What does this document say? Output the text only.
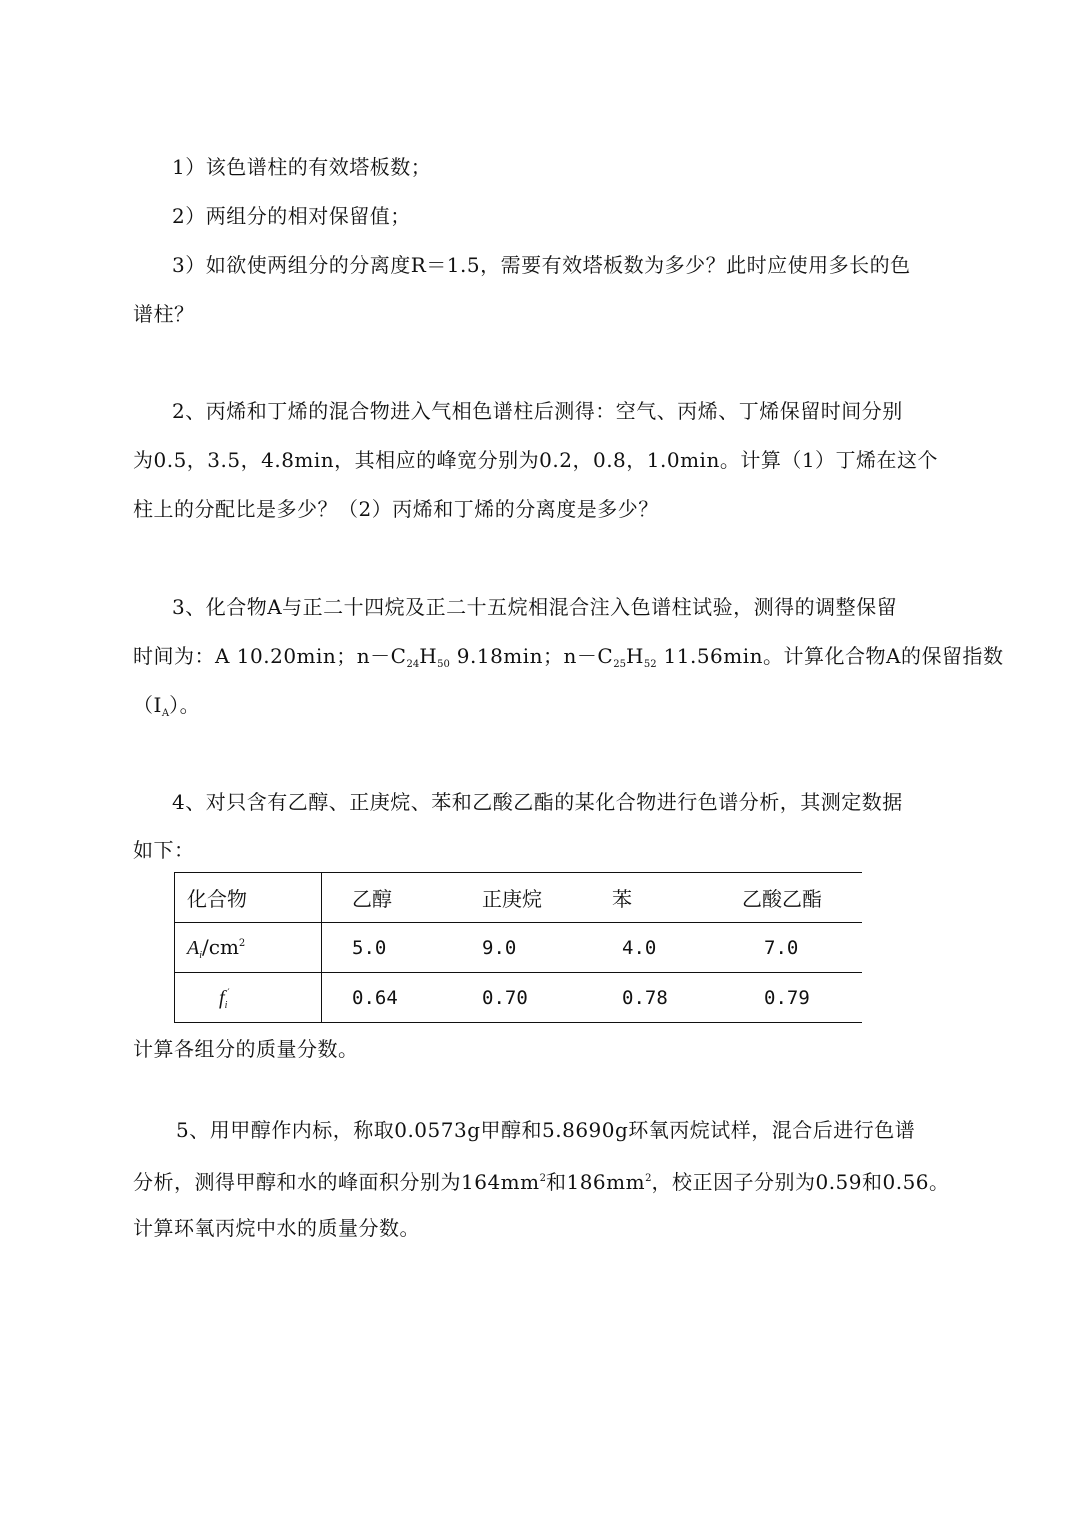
1）该色谱柱的有效塔板数；
2）两组分的相对保留值；
3）如欲使两组分的分离度R＝1.5，需要有效塔板数为多少？此时应使用多长的色
谱柱？
2、丙烯和丁烯的混合物进入气相色谱柱后测得：空气、丙烯、丁烯保留时间分别
为0.5，3.5，4.8min，其相应的峰宽分别为0.2，0.8，1.0min。计算（1）丁烯在这个
柱上的分配比是多少？（2）丙烯和丁烯的分离度是多少？
3、化合物A与正二十四烷及正二十五烷相混合注入色谱柱试验，测得的调整保留
时间为：A 10.20min；$n-C_{24}H_{50}$ 9.18min；$n-C_{25}H_{52}$ 11.56min。计算化合物A的保留指数
$(I_A)$。
4、对只含有乙醇、正庚烷、苯和乙酸乙酯的某化合物进行色谱分析，其测定数据
如下：
化合物	乙醇	正庚烷	苯	乙酸乙酯
$A_i/cm^2$	5.0	9.0	4.0	7.0
$f_i'$	0.64	0.70	0.78	0.79
计算各组分的质量分数。
5、用甲醇作内标，称取0.0573g甲醇和5.8690g环氧丙烷试样，混合后进行色谱
分析，测得甲醇和水的峰面积分别为$164mm^2$和$186mm^2$，校正因子分别为0.59和0.56。
计算环氧丙烷中水的质量分数。
